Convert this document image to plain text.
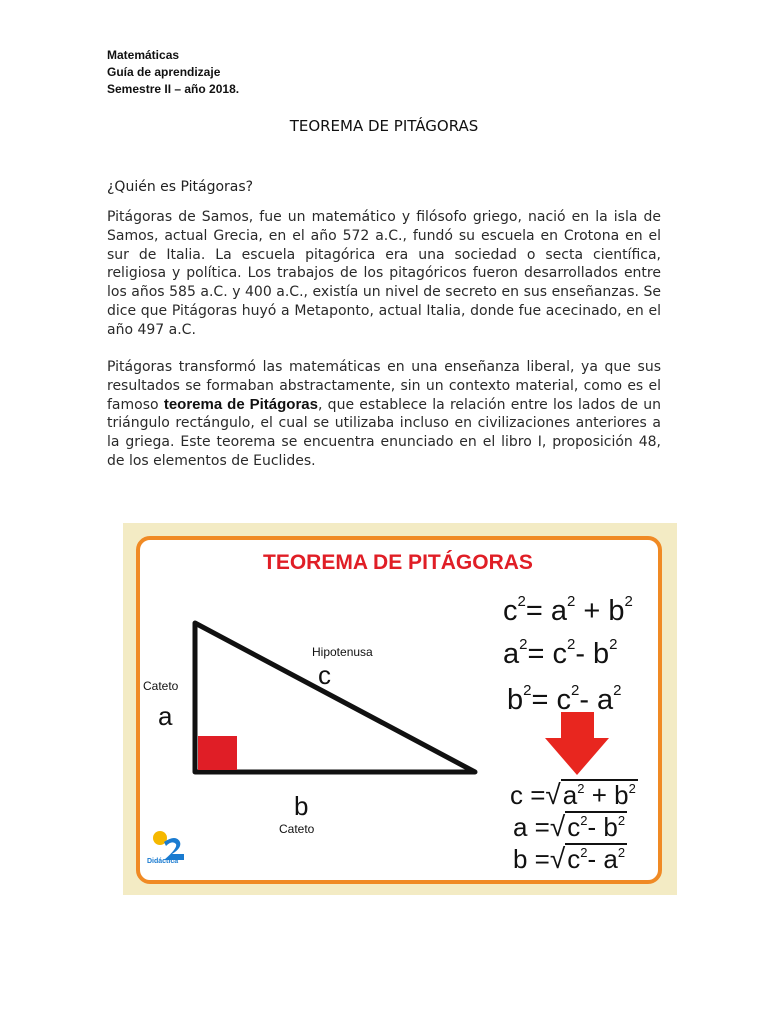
Matemáticas
Guía de aprendizaje
Semestre II – año 2018.
TEOREMA DE PITÁGORAS
¿Quién es Pitágoras?

Pitágoras de Samos, fue un matemático y filósofo griego, nació en la isla de Samos, actual Grecia, en el año 572 a.C., fundó su escuela en Crotona en el sur de Italia. La escuela pitagórica era una sociedad o secta científica, religiosa y política. Los trabajos de los pitagóricos fueron desarrollados entre los años 585 a.C. y 400 a.C., existía un nivel de secreto en sus enseñanzas. Se dice que Pitágoras huyó a Metaponto, actual Italia, donde fue acecinado, en el año 497 a.C.

Pitágoras transformó las matemáticas en una enseñanza liberal, ya que sus resultados se formaban abstractamente, sin un contexto material, como es el famoso teorema de Pitágoras, que establece la relación entre los lados de un triángulo rectángulo, el cual se utilizaba incluso en civilizaciones anteriores a la griega. Este teorema se encuentra enunciado en el libro I, proposición 48, de los elementos de Euclides.

TEOREMA DE PITÁGORAS
Hipotenusa
c
Cateto
a
b
Cateto
$c^2= a^2 + b^2$
$a^2= c^2-$ $b^2$
$b^2= c^2-$ $a^2$
$c =√a^2 + b^2$
$a =√c^2-$ $b^2$
$b =√c^2-$ $a^2$
Didáctica
